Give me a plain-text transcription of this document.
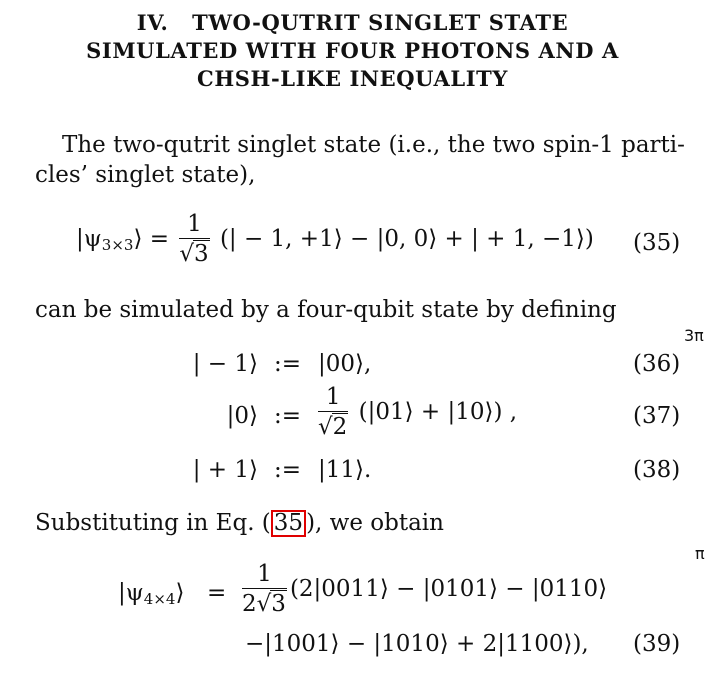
IV. TWO-QUTRIT SINGLET STATE
SIMULATED WITH FOUR PHOTONS AND A
CHSH-LIKE INEQUALITY
The two-qutrit singlet state (i.e., the two spin-1 parti-
cles’ singlet state),
$|\psi_{3\times 3}⟩ = \frac{1}{√3}$ (| − 1, +1⟩ − |0, 0⟩ + | + 1, −1⟩) (35)
can be simulated by a four-qubit state by defining
3π
| − 1⟩ := |00⟩,	(36)
|0⟩ := $\frac{1}{√2}$ (|01⟩ + |10⟩) ,	(37)
| + 1⟩ := |11⟩.	(38)
Substituting in Eq. ( 35 ), we obtain
π
$|\psi_{4\times 4}⟩ = \frac{1}{2√3}$ (2|0011⟩ − |0101⟩ − |0110⟩
−|1001⟩ − |1010⟩ + 2|1100⟩), (39)
